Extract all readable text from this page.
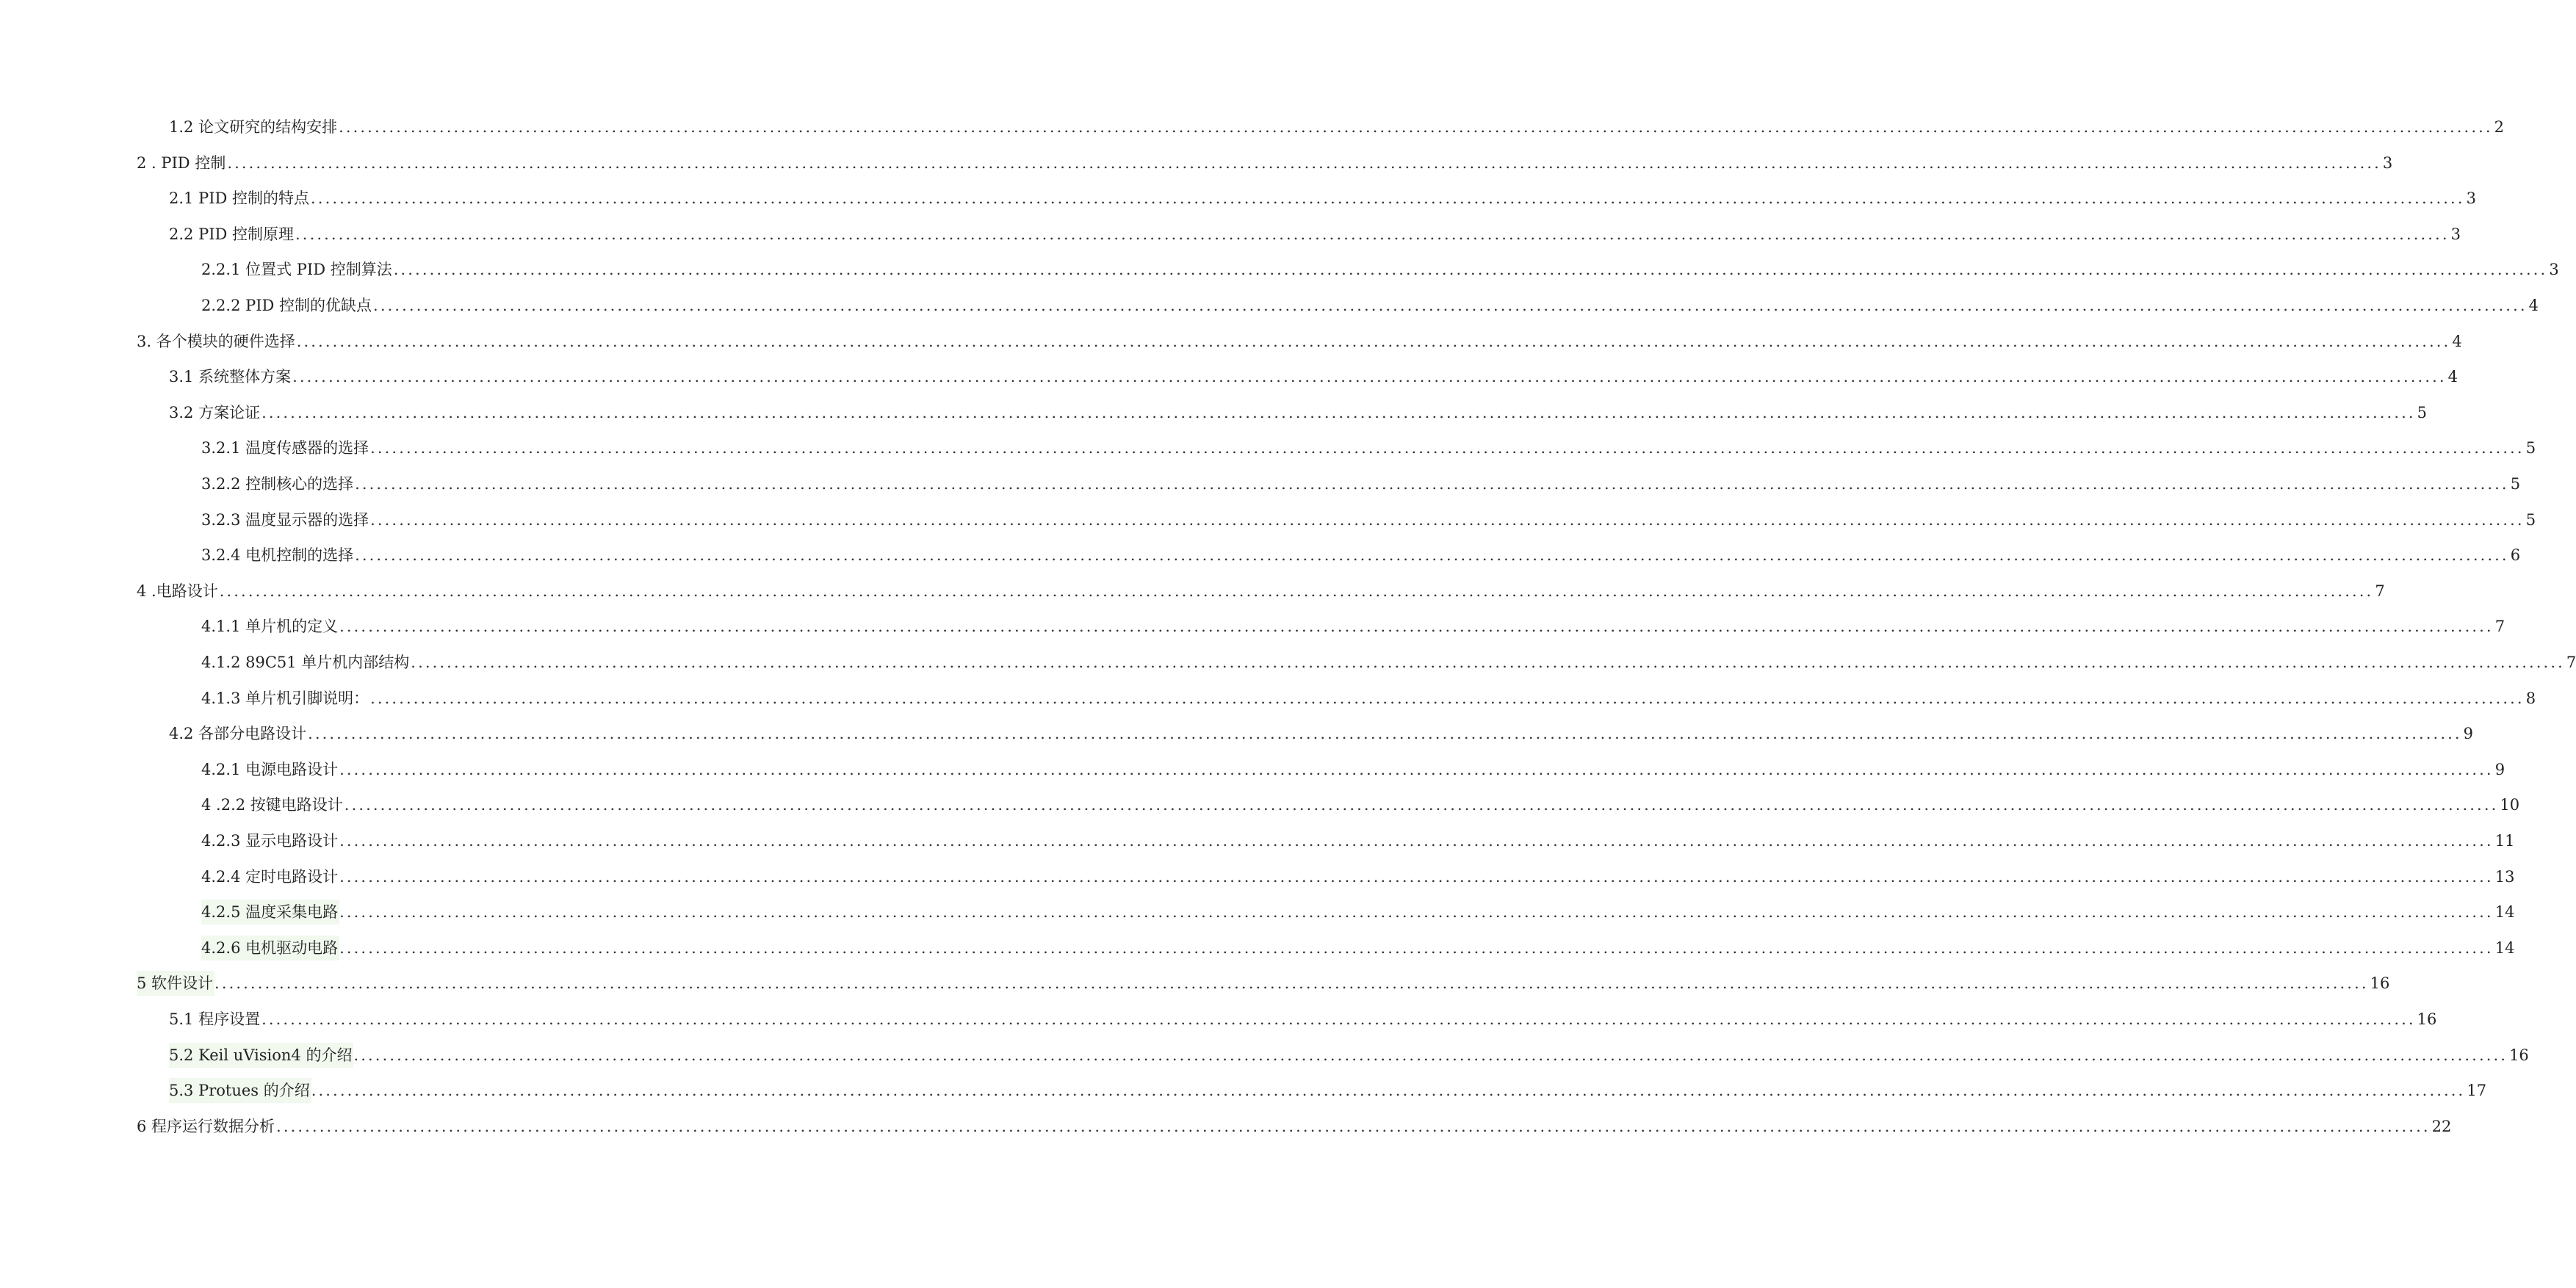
1.2 论文研究的结构安排 ............................................................................................................................................................................................................................................................................................................ 2
2 . PID 控制 ............................................................................................................................................................................................................................................................................................................ 3
2.1 PID 控制的特点 ............................................................................................................................................................................................................................................................................................................ 3
2.2 PID 控制原理 ............................................................................................................................................................................................................................................................................................................ 3
2.2.1 位置式 PID 控制算法 ............................................................................................................................................................................................................................................................................................................ 3
2.2.2 PID 控制的优缺点 ............................................................................................................................................................................................................................................................................................................ 4
3. 各个模块的硬件选择 ............................................................................................................................................................................................................................................................................................................ 4
3.1 系统整体方案 ............................................................................................................................................................................................................................................................................................................ 4
3.2 方案论证 ............................................................................................................................................................................................................................................................................................................ 5
3.2.1 温度传感器的选择 ............................................................................................................................................................................................................................................................................................................ 5
3.2.2 控制核心的选择 ............................................................................................................................................................................................................................................................................................................ 5
3.2.3 温度显示器的选择 ............................................................................................................................................................................................................................................................................................................ 5
3.2.4 电机控制的选择 ............................................................................................................................................................................................................................................................................................................ 6
4 .电路设计 ............................................................................................................................................................................................................................................................................................................ 7
4.1.1 单片机的定义 ............................................................................................................................................................................................................................................................................................................ 7
4.1.2 89C51 单片机内部结构 ............................................................................................................................................................................................................................................................................................................ 7
4.1.3 单片机引脚说明： ............................................................................................................................................................................................................................................................................................................ 8
4.2 各部分电路设计 ............................................................................................................................................................................................................................................................................................................ 9
4.2.1 电源电路设计 ............................................................................................................................................................................................................................................................................................................ 9
4 .2.2 按键电路设计 ............................................................................................................................................................................................................................................................................................................ 10
4.2.3 显示电路设计 ............................................................................................................................................................................................................................................................................................................ 11
4.2.4 定时电路设计 ............................................................................................................................................................................................................................................................................................................ 13
4.2.5 温度采集电路 ............................................................................................................................................................................................................................................................................................................ 14
4.2.6 电机驱动电路 ............................................................................................................................................................................................................................................................................................................ 14
5 软件设计 ............................................................................................................................................................................................................................................................................................................ 16
5.1 程序设置 ............................................................................................................................................................................................................................................................................................................ 16
5.2 Keil uVision4 的介绍 ............................................................................................................................................................................................................................................................................................................ 16
5.3 Protues 的介绍 ............................................................................................................................................................................................................................................................................................................ 17
6 程序运行数据分析 ............................................................................................................................................................................................................................................................................................................ 22
